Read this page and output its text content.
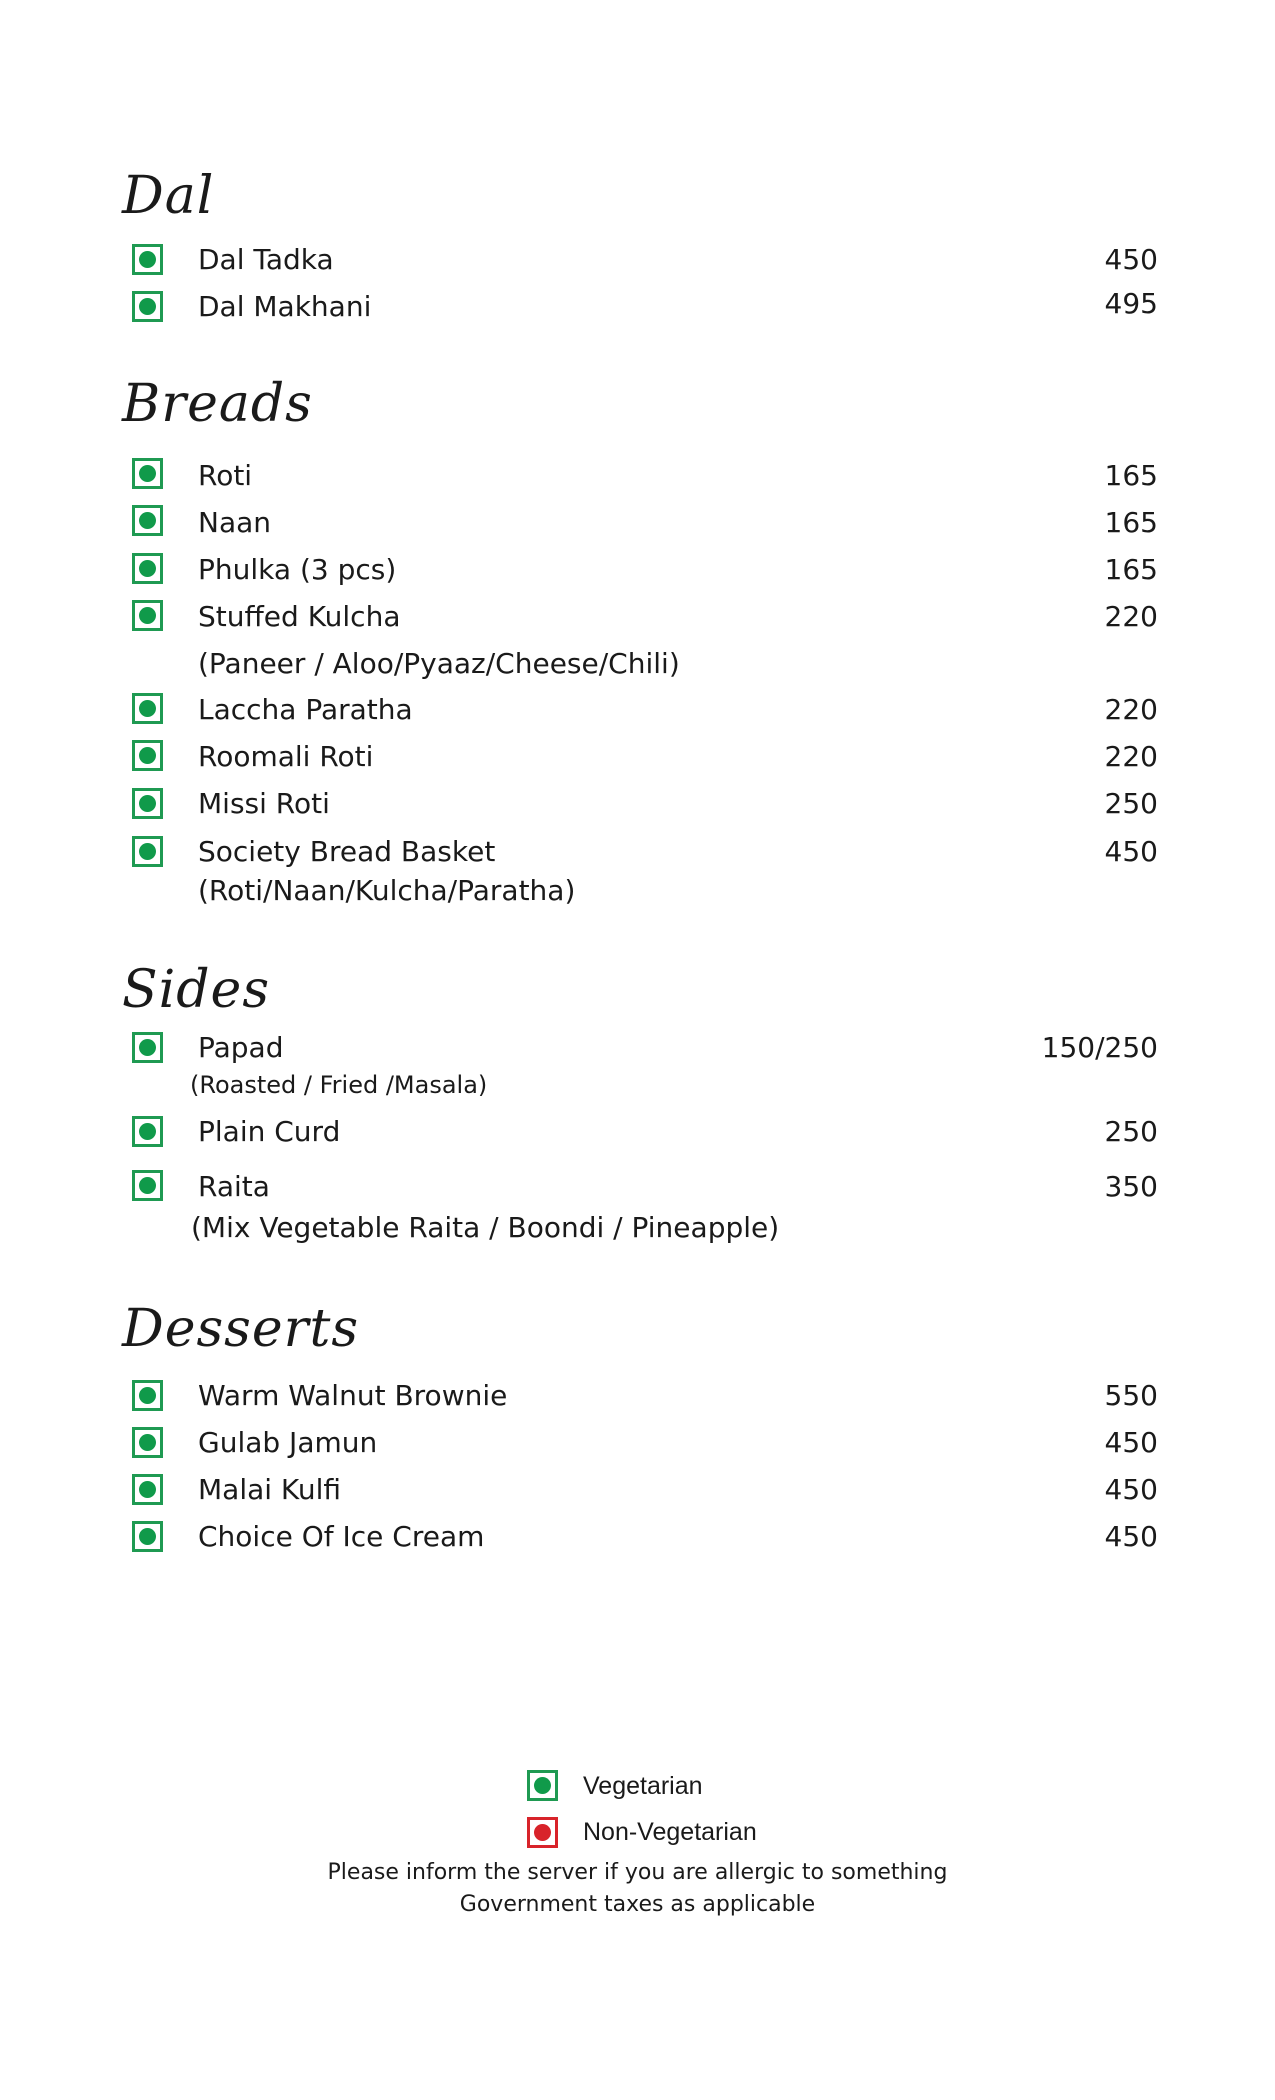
Dal
Dal Tadka	450
Dal Makhani	495
Breads
Roti	165
Naan	165
Phulka (3 pcs)	165
Stuffed Kulcha	220
(Paneer / Aloo/Pyaaz/Cheese/Chili)
Laccha Paratha	220
Roomali Roti	220
Missi Roti	250
Society Bread Basket	450
(Roti/Naan/Kulcha/Paratha)
Sides
Papad	150/250
(Roasted / Fried /Masala)
Plain Curd	250
Raita	350
(Mix Vegetable Raita / Boondi / Pineapple)
Desserts
Warm Walnut Brownie	550
Gulab Jamun	450
Malai Kulfi	450
Choice Of Ice Cream	450
Vegetarian
Non-Vegetarian
Please inform the server if you are allergic to something
Government taxes as applicable
